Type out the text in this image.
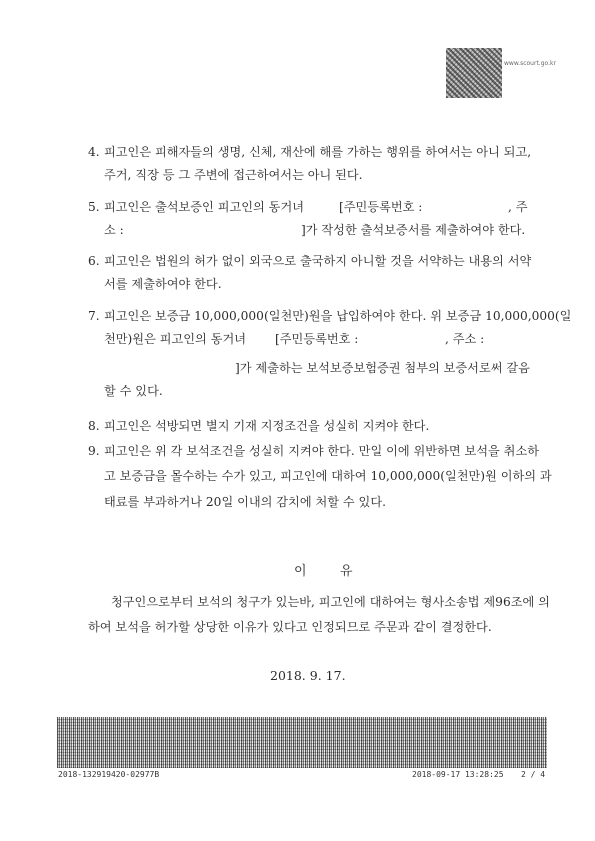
www.scourt.go.kr
4. 피고인은 피해자들의 생명, 신체, 재산에 해를 가하는 행위를 하여서는 아니 되고,
주거, 직장 등 그 주변에 접근하여서는 아니 된다.
5. 피고인은 출석보증인 피고인의 동거녀	[주민등록번호 :	, 주
소 :	]가 작성한 출석보증서를 제출하여야 한다.
6. 피고인은 법원의 허가 없이 외국으로 출국하지 아니할 것을 서약하는 내용의 서약
서를 제출하여야 한다.
7. 피고인은 보증금 10,000,000(일천만)원을 납입하여야 한다. 위 보증금 10,000,000(일
천만)원은 피고인의 동거녀 [주민등록번호 :	, 주소 :
]가 제출하는 보석보증보험증권 첨부의 보증서로써 갈음
할 수 있다.
8. 피고인은 석방되면 별지 기재 지정조건을 성실히 지켜야 한다.
9. 피고인은 위 각 보석조건을 성실히 지켜야 한다. 만일 이에 위반하면 보석을 취소하
고 보증금을 몰수하는 수가 있고, 피고인에 대하여 10,000,000(일천만)원 이하의 과
태료를 부과하거나 20일 이내의 감치에 처할 수 있다.
이	유
청구인으로부터 보석의 청구가 있는바, 피고인에 대하여는 형사소송법 제96조에 의
하여 보석을 허가할 상당한 이유가 있다고 인정되므로 주문과 같이 결정한다.
2018. 9. 17.
2018-132919420-02977B	2018-09-17 13:28:25 2 / 4
